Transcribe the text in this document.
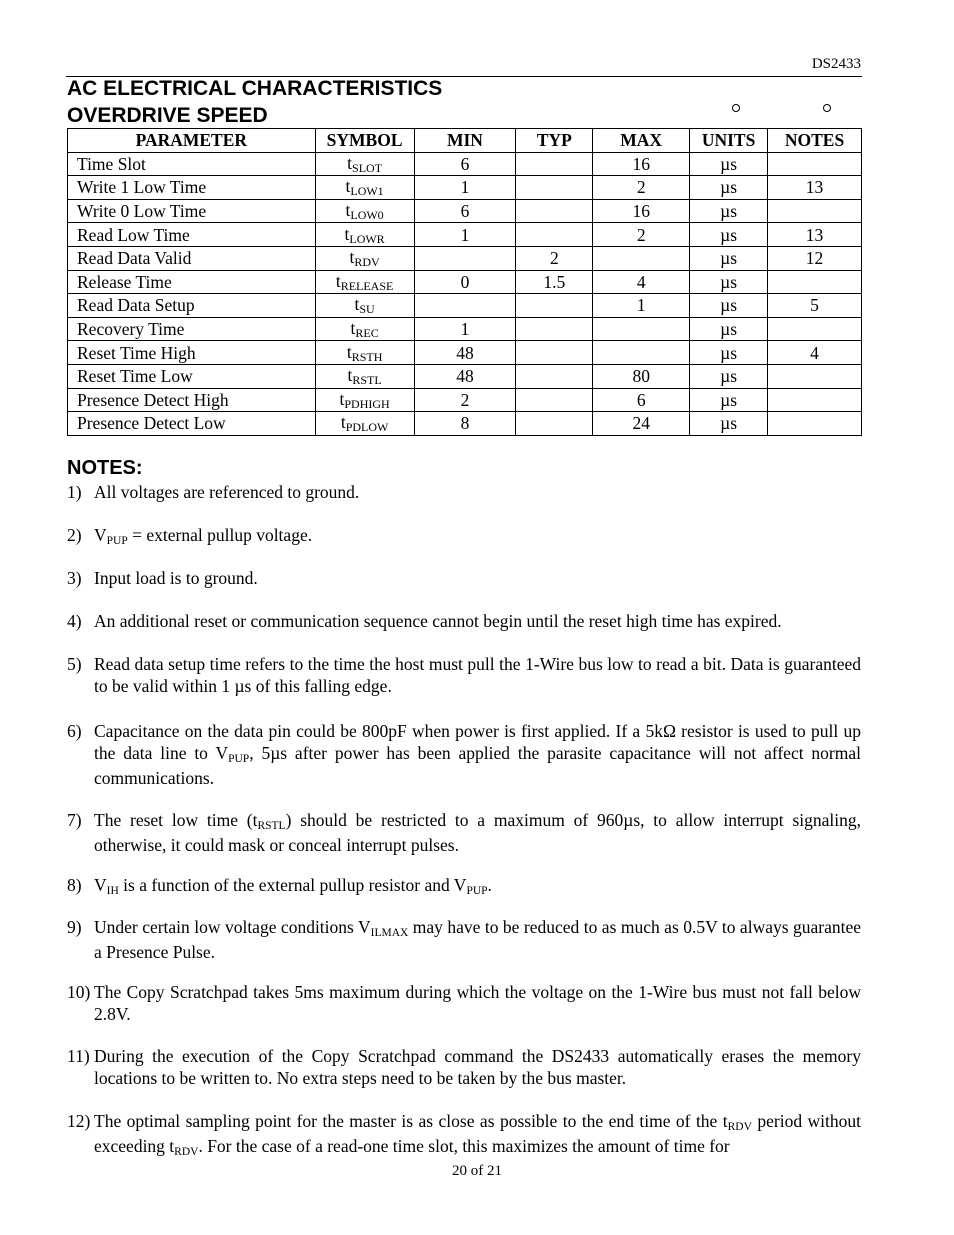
DS2433
AC ELECTRICAL CHARACTERISTICS
OVERDRIVE SPEED
PARAMETER	SYMBOL	MIN	TYP	MAX	UNITS	NOTES
Time Slot	tSLOT	6		16	µs	
Write 1 Low Time	tLOW1	1		2	µs	13
Write 0 Low Time	tLOW0	6		16	µs	
Read Low Time	tLOWR	1		2	µs	13
Read Data Valid	tRDV		2		µs	12
Release Time	tRELEASE	0	1.5	4	µs	
Read Data Setup	tSU			1	µs	5
Recovery Time	tREC	1			µs	
Reset Time High	tRSTH	48			µs	4
Reset Time Low	tRSTL	48		80	µs	
Presence Detect High	tPDHIGH	2		6	µs	
Presence Detect Low	tPDLOW	8		24	µs	
NOTES:
1) All voltages are referenced to ground.
2) VPUP = external pullup voltage.
3) Input load is to ground.
4) An additional reset or communication sequence cannot begin until the reset high time has expired.
5) Read data setup time refers to the time the host must pull the 1-Wire bus low to read a bit. Data is guaranteed to be valid within 1 µs of this falling edge.
6) Capacitance on the data pin could be 800pF when power is first applied. If a 5kΩ resistor is used to pull up the data line to VPUP, 5µs after power has been applied the parasite capacitance will not affect normal communications.
7) The reset low time (tRSTL) should be restricted to a maximum of 960µs, to allow interrupt signaling, otherwise, it could mask or conceal interrupt pulses.
8) VIH is a function of the external pullup resistor and VPUP.
9) Under certain low voltage conditions VILMAX may have to be reduced to as much as 0.5V to always guarantee a Presence Pulse.
10) The Copy Scratchpad takes 5ms maximum during which the voltage on the 1-Wire bus must not fall below 2.8V.
11) During the execution of the Copy Scratchpad command the DS2433 automatically erases the memory locations to be written to. No extra steps need to be taken by the bus master.
12) The optimal sampling point for the master is as close as possible to the end time of the tRDV period without exceeding tRDV. For the case of a read-one time slot, this maximizes the amount of time for
20 of 21
